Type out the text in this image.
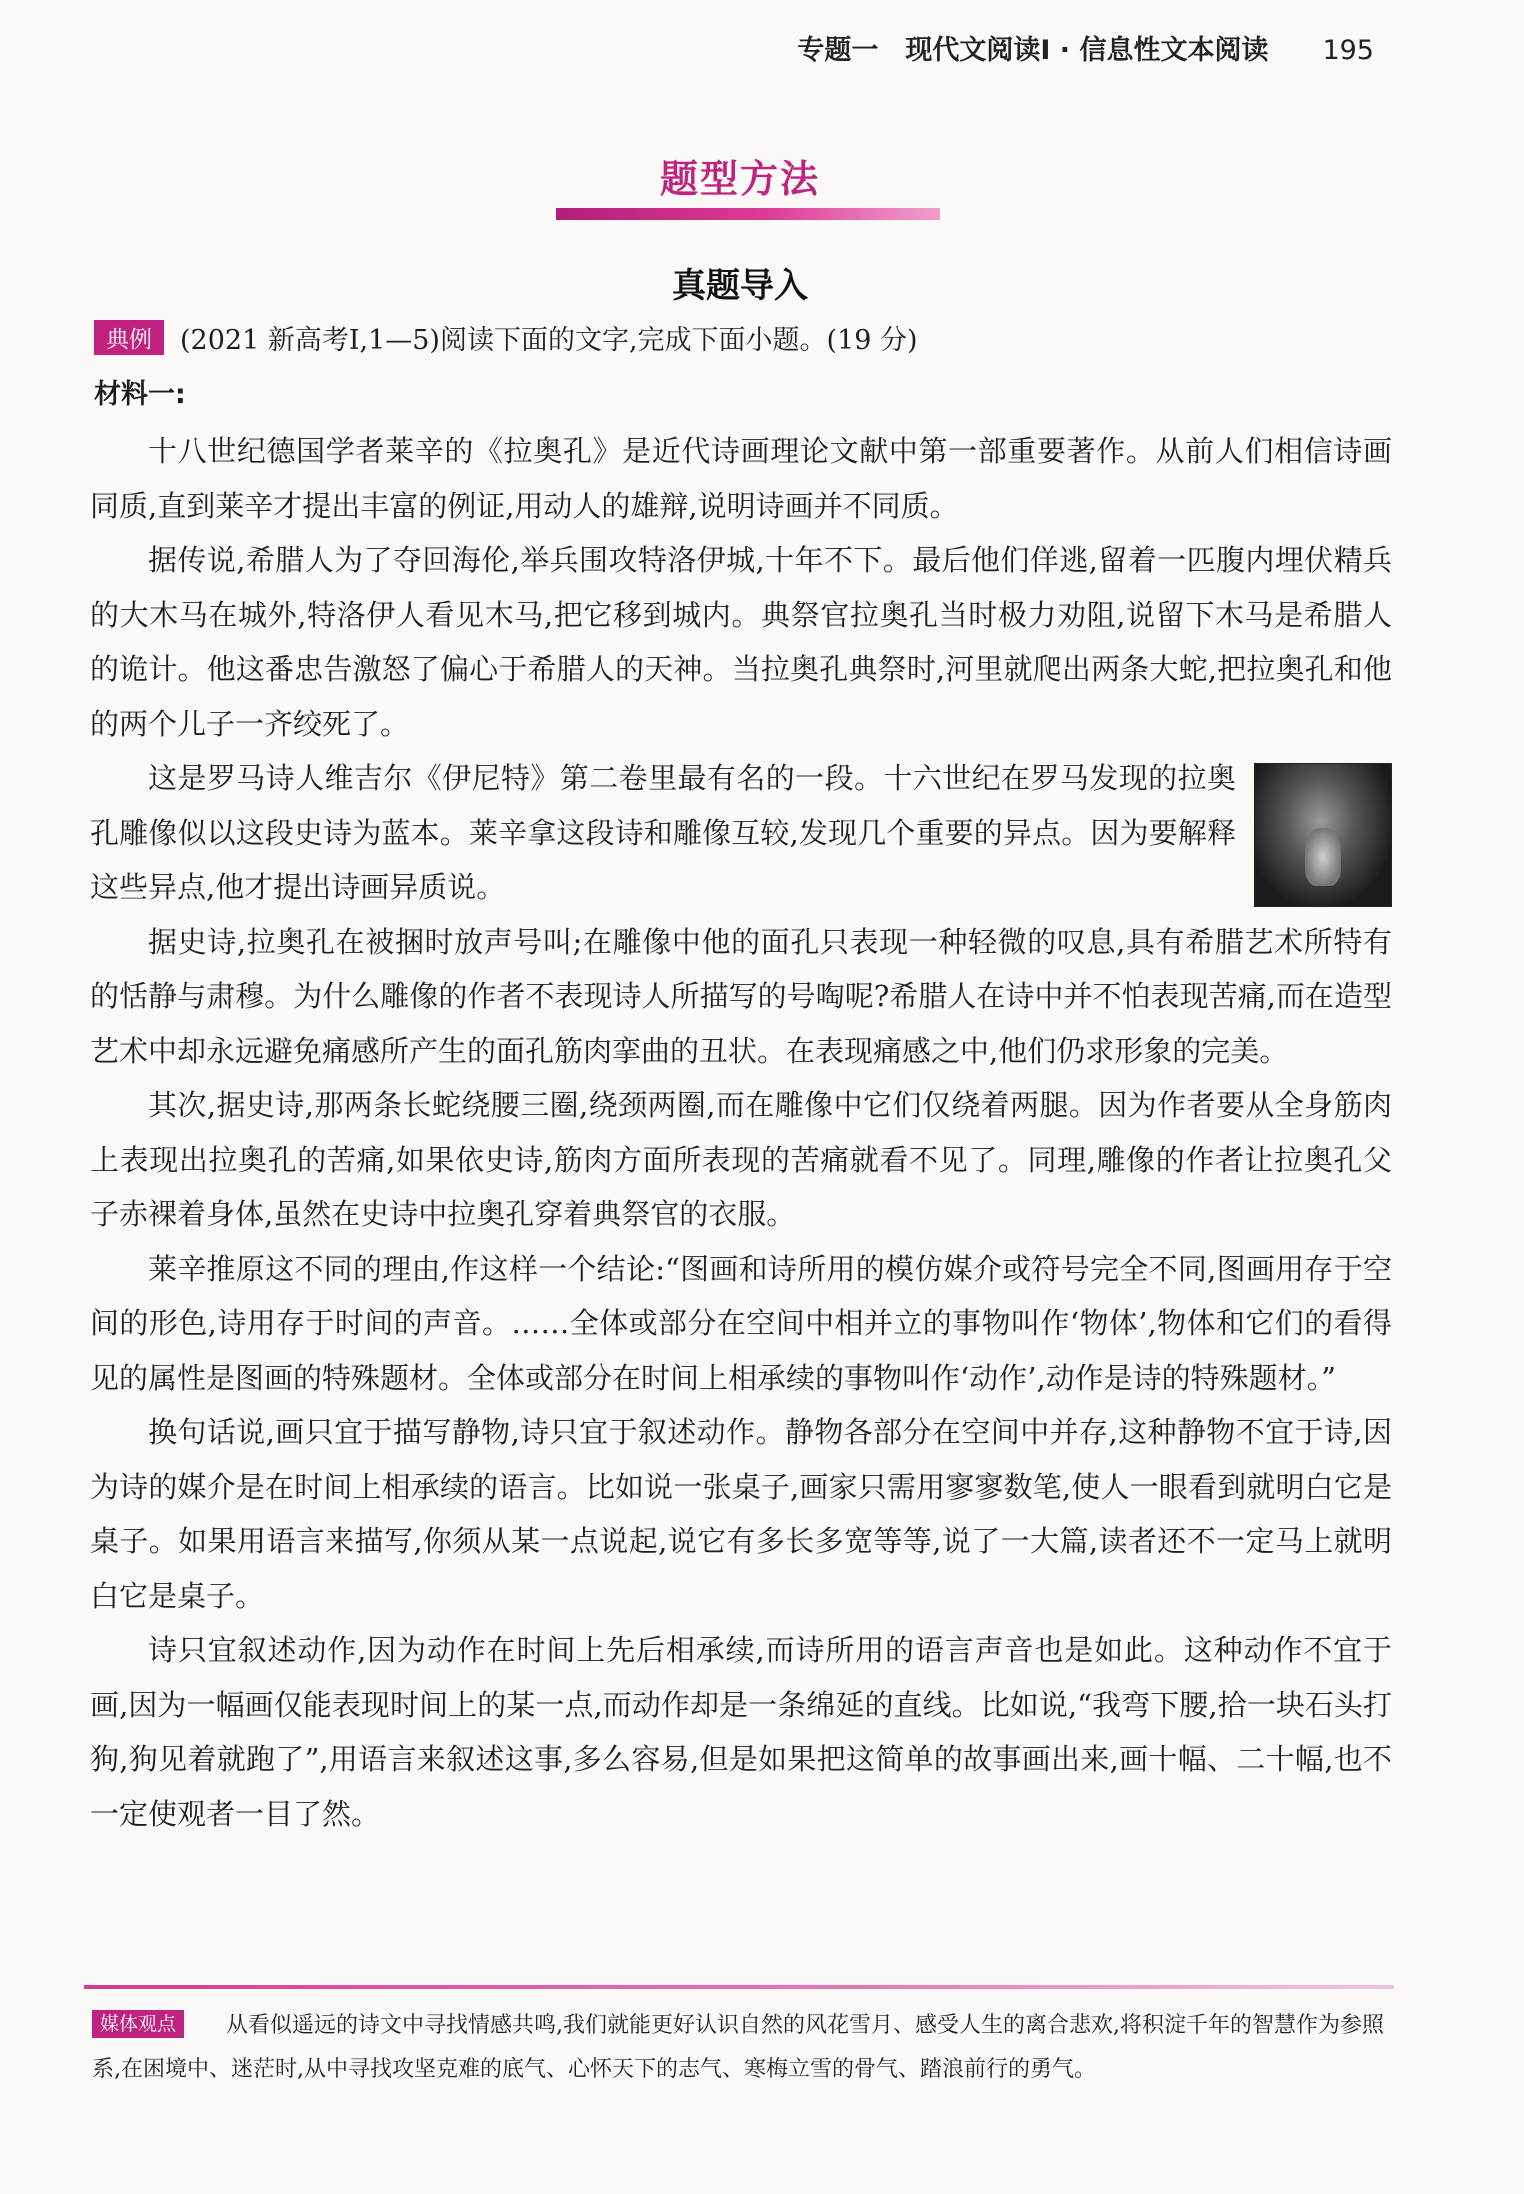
专题一　现代文阅读Ⅰ · 信息性文本阅读 195
题型方法
真题导入
典例 (2021 新高考Ⅰ,1—5)阅读下面的文字,完成下面小题。(19 分)
材料一:

十八世纪德国学者莱辛的《拉奥孔》是近代诗画理论文献中第一部重要著作。从前人们相信诗画同质,直到莱辛才提出丰富的例证,用动人的雄辩,说明诗画并不同质。

据传说,希腊人为了夺回海伦,举兵围攻特洛伊城,十年不下。最后他们佯逃,留着一匹腹内埋伏精兵的大木马在城外,特洛伊人看见木马,把它移到城内。典祭官拉奥孔当时极力劝阻,说留下木马是希腊人的诡计。他这番忠告激怒了偏心于希腊人的天神。当拉奥孔典祭时,河里就爬出两条大蛇,把拉奥孔和他的两个儿子一齐绞死了。

这是罗马诗人维吉尔《伊尼特》第二卷里最有名的一段。十六世纪在罗马发现的拉奥孔雕像似以这段史诗为蓝本。莱辛拿这段诗和雕像互较,发现几个重要的异点。因为要解释这些异点,他才提出诗画异质说。

据史诗,拉奥孔在被捆时放声号叫;在雕像中他的面孔只表现一种轻微的叹息,具有希腊艺术所特有的恬静与肃穆。为什么雕像的作者不表现诗人所描写的号啕呢?希腊人在诗中并不怕表现苦痛,而在造型艺术中却永远避免痛感所产生的面孔筋肉挛曲的丑状。在表现痛感之中,他们仍求形象的完美。

其次,据史诗,那两条长蛇绕腰三圈,绕颈两圈,而在雕像中它们仅绕着两腿。因为作者要从全身筋肉上表现出拉奥孔的苦痛,如果依史诗,筋肉方面所表现的苦痛就看不见了。同理,雕像的作者让拉奥孔父子赤裸着身体,虽然在史诗中拉奥孔穿着典祭官的衣服。

莱辛推原这不同的理由,作这样一个结论:“图画和诗所用的模仿媒介或符号完全不同,图画用存于空间的形色,诗用存于时间的声音。……全体或部分在空间中相并立的事物叫作‘物体’,物体和它们的看得见的属性是图画的特殊题材。全体或部分在时间上相承续的事物叫作‘动作’,动作是诗的特殊题材。”

换句话说,画只宜于描写静物,诗只宜于叙述动作。静物各部分在空间中并存,这种静物不宜于诗,因为诗的媒介是在时间上相承续的语言。比如说一张桌子,画家只需用寥寥数笔,使人一眼看到就明白它是桌子。如果用语言来描写,你须从某一点说起,说它有多长多宽等等,说了一大篇,读者还不一定马上就明白它是桌子。

诗只宜叙述动作,因为动作在时间上先后相承续,而诗所用的语言声音也是如此。这种动作不宜于画,因为一幅画仅能表现时间上的某一点,而动作却是一条绵延的直线。比如说,“我弯下腰,拾一块石头打狗,狗见着就跑了”,用语言来叙述这事,多么容易,但是如果把这简单的故事画出来,画十幅、二十幅,也不一定使观者一目了然。

媒体观点 从看似遥远的诗文中寻找情感共鸣,我们就能更好认识自然的风花雪月、感受人生的离合悲欢,将积淀千年的智慧作为参照系,在困境中、迷茫时,从中寻找攻坚克难的底气、心怀天下的志气、寒梅立雪的骨气、踏浪前行的勇气。
